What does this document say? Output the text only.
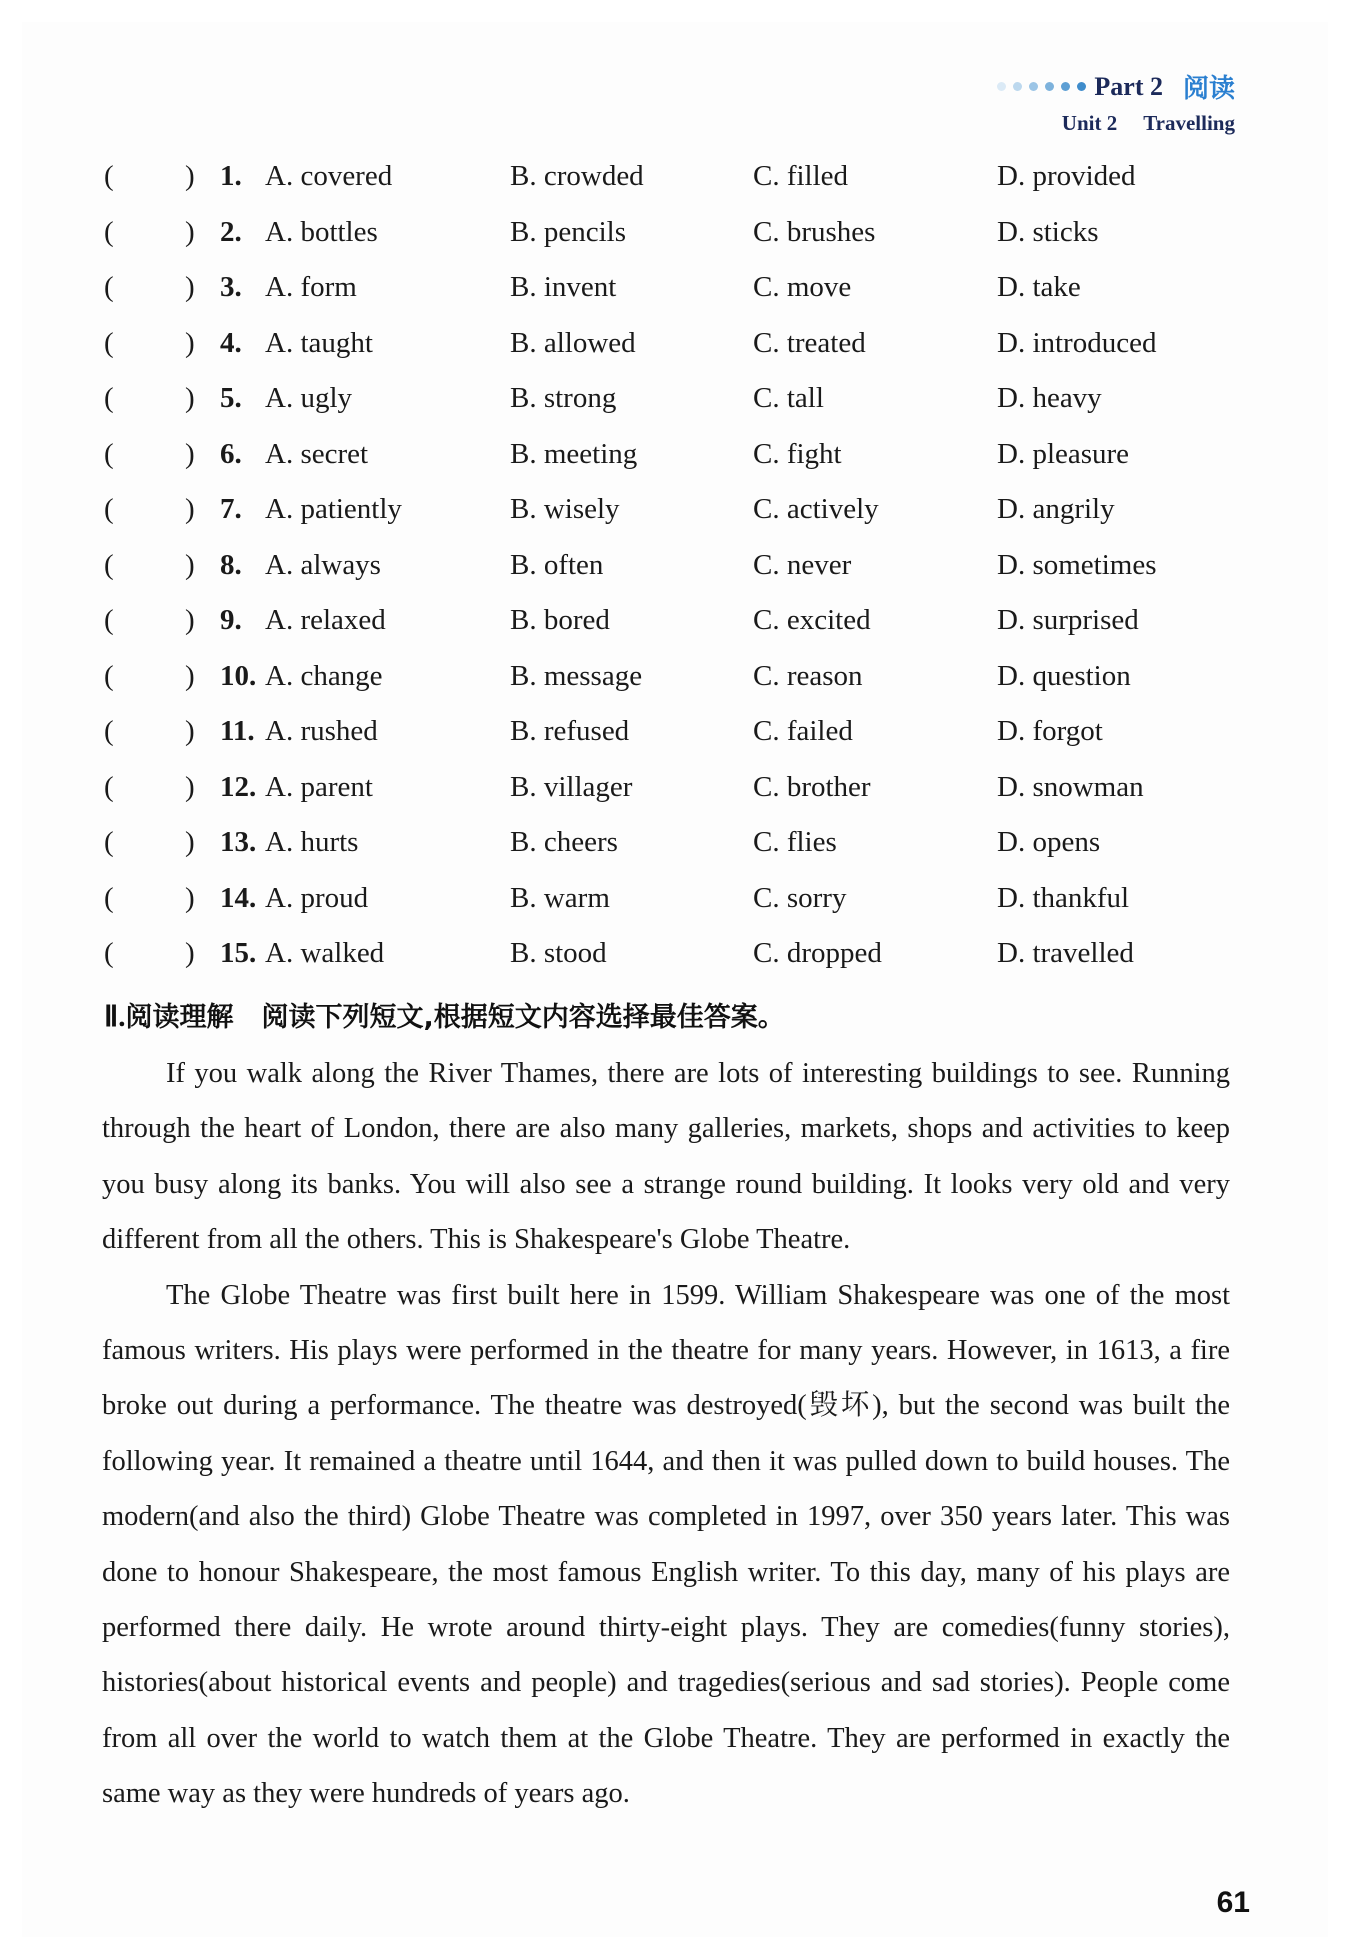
Part 2 阅读
Unit 2 Travelling
( ) 1. A. covered	B. crowded	C. filled	D. provided
( ) 2. A. bottles	B. pencils	C. brushes	D. sticks
( ) 3. A. form	B. invent	C. move	D. take
( ) 4. A. taught	B. allowed	C. treated	D. introduced
( ) 5. A. ugly	B. strong	C. tall	D. heavy
( ) 6. A. secret	B. meeting	C. fight	D. pleasure
( ) 7. A. patiently	B. wisely	C. actively	D. angrily
( ) 8. A. always	B. often	C. never	D. sometimes
( ) 9. A. relaxed	B. bored	C. excited	D. surprised
( ) 10. A. change	B. message	C. reason	D. question
( ) 11. A. rushed	B. refused	C. failed	D. forgot
( ) 12. A. parent	B. villager	C. brother	D. snowman
( ) 13. A. hurts	B. cheers	C. flies	D. opens
( ) 14. A. proud	B. warm	C. sorry	D. thankful
( ) 15. A. walked	B. stood	C. dropped	D. travelled
Ⅱ.阅读理解 阅读下列短文,根据短文内容选择最佳答案。

If you walk along the River Thames, there are lots of interesting buildings to see. Running through the heart of London, there are also many galleries, markets, shops and activities to keep you busy along its banks. You will also see a strange round building. It looks very old and very different from all the others. This is Shakespeare's Globe Theatre.

The Globe Theatre was first built here in 1599. William Shakespeare was one of the most famous writers. His plays were performed in the theatre for many years. However, in 1613, a fire broke out during a performance. The theatre was destroyed(毁坏), but the second was built the following year. It remained a theatre until 1644, and then it was pulled down to build houses. The modern(and also the third) Globe Theatre was completed in 1997, over 350 years later. This was done to honour Shakespeare, the most famous English writer. To this day, many of his plays are performed there daily. He wrote around thirty-eight plays. They are comedies(funny stories), histories(about historical events and people) and tragedies(serious and sad stories). People come from all over the world to watch them at the Globe Theatre. They are performed in exactly the same way as they were hundreds of years ago.

61
